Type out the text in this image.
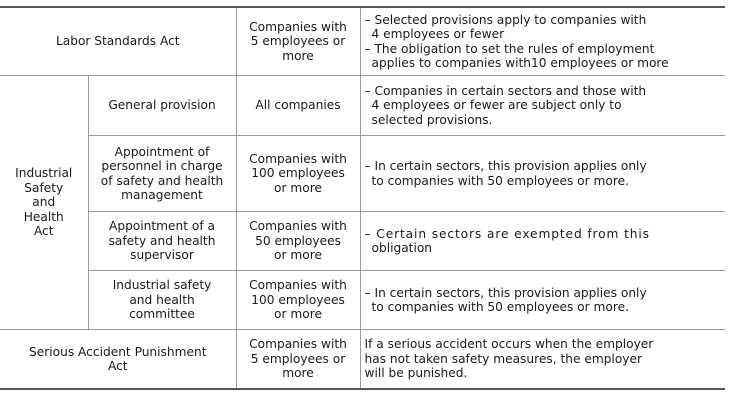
Labor Standards Act		Companies with
5 employees or
more	– Selected provisions apply to companies with
4 employees or fewer
– The obligation to set the rules of employment
applies to companies with10 employees or more

Industrial
Safety
and
Health
Act	General provision	All companies	– Companies in certain sectors and those with
4 employees or fewer are subject only to
selected provisions.

	Appointment of
personnel in charge
of safety and health
management	Companies with
100 employees
or more	– In certain sectors, this provision applies only
to companies with 50 employees or more.

	Appointment of a
safety and health
supervisor	Companies with
50 employees
or more	– Certain sectors are exempted from this
obligation

	Industrial safety
and health
committee	Companies with
100 employees
or more	– In certain sectors, this provision applies only
to companies with 50 employees or more.

Serious Accident Punishment
Act		Companies with
5 employees or
more	If a serious accident occurs when the employer
has not taken safety measures, the employer
will be punished.
